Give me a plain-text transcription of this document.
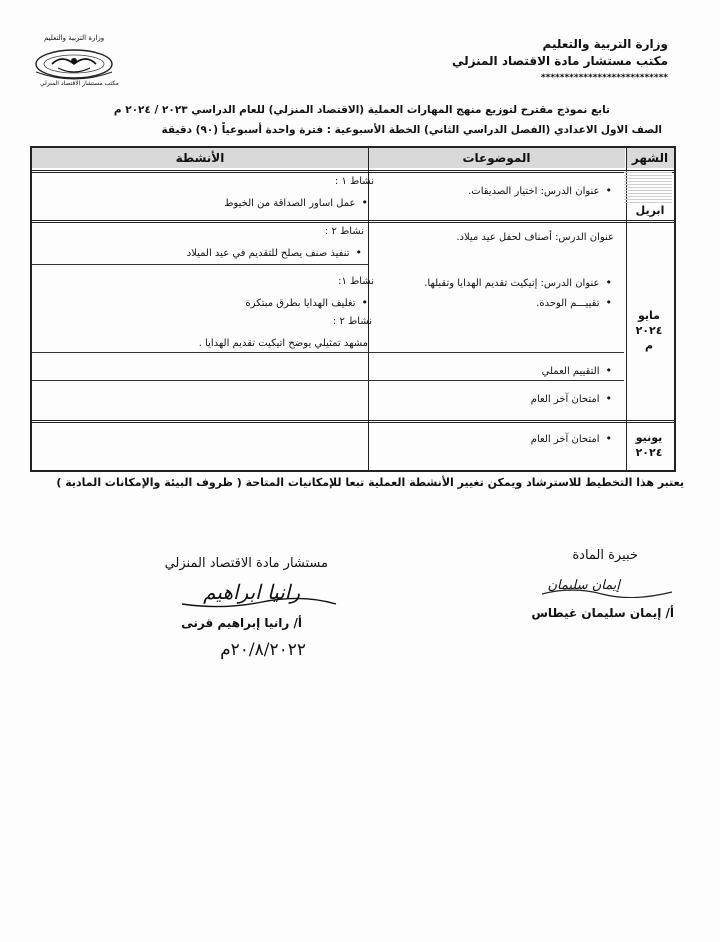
وزارة التربية والتعليم
مكتب مستشار مادة الاقتصاد المنزلي
***************************
وزارة التربية والتعليم
مكتب مستشار الاقتصاد المنزلي
تابع نموذج مقترح لتوزيع منهج المهارات العملية (الاقتصاد المنزلي) للعام الدراسي ٢٠٢٣ / ٢٠٢٤ م
الصف الاول الاعدادي (الفصل الدراسي الثاني) الخطة الأسبوعية : فترة واحدة أسبوعياً (٩٠) دقيقة
الشهر
الموضوعات
الأنشطة
ابريل
• عنوان الدرس: اختيار الصديقات.
نشاط ١ :
• عمل اساور الصداقة من الخيوط
مايو
٢٠٢٤ م
عنوان الدرس: أصناف لحفل عيد ميلاد.
نشاط ٢ :
• تنفيذ صنف يصلح للتقديم في عيد الميلاد
• عنوان الدرس: إتيكيت تقديم الهدايا وتقبلها.
• تقييـــم الوحدة.
نشاط ١:
• تغليف الهدايا بطرق مبتكرة
نشاط ٢ :
مشهد تمثيلي يوضح اتيكيت تقديم الهدايا .
• التقييم العملي
• امتحان آخر العام
يونيو
٢٠٢٤
• امتحان آخر العام
يعتبر هذا التخطيط للاسترشاد ويمكن تغيير الأنشطة العملية تبعا للإمكانيات المتاحة ( ظروف البيئة والإمكانات المادية )
خبيرة المادة
إيمان سليمان
أ/ إيمان سليمان غيطاس
مستشار مادة الاقتصاد المنزلي
رانيا ابراهيم
أ/ رانيا إبراهيم قرنى
٢٠/٨/٢٠٢٢م
